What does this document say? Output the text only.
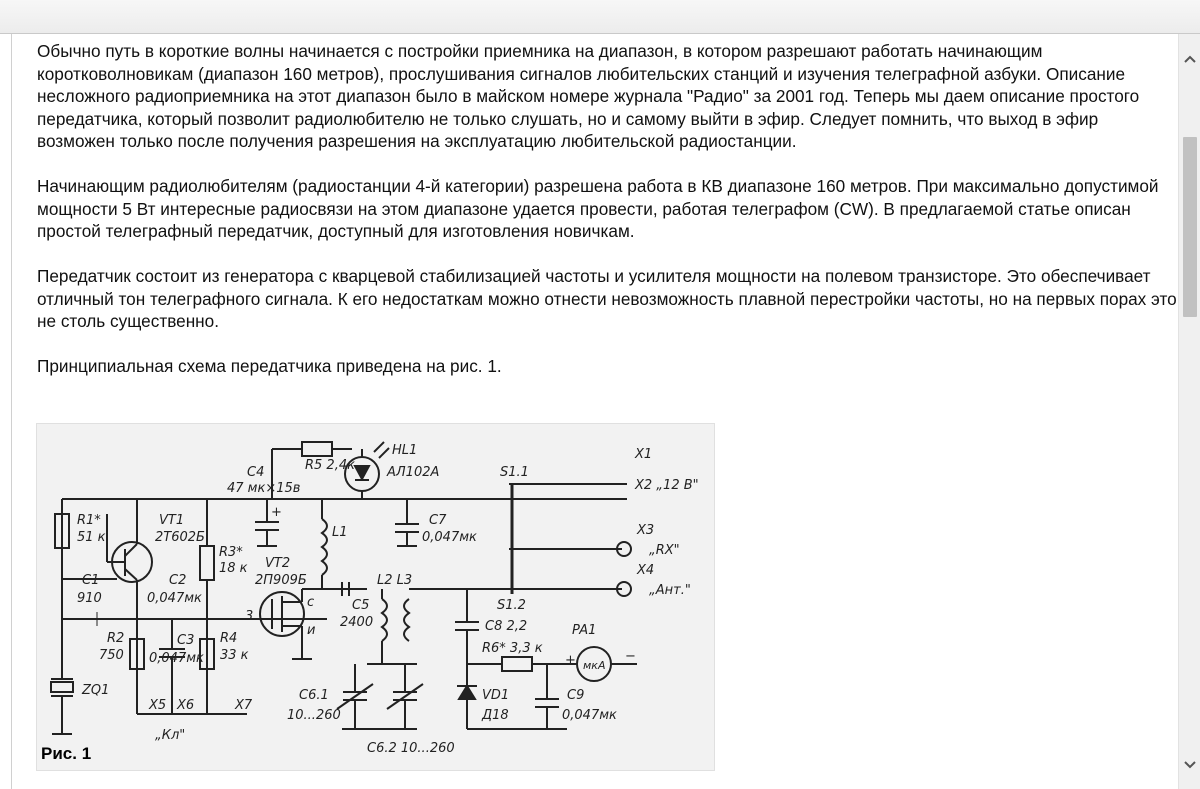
Обычно путь в короткие волны начинается с постройки приемника на диапазон, в котором разрешают работать начинающим коротковолновикам (диапазон 160 метров), прослушивания сигналов любительских станций и изучения телеграфной азбуки. Описание несложного радиоприемника на этот диапазон было в майском номере журнала "Радио" за 2001 год. Теперь мы даем описание простого передатчика, который позволит радиолюбителю не только слушать, но и самому выйти в эфир. Следует помнить, что выход в эфир возможен только после получения разрешения на эксплуатацию любительской радиостанции.

Начинающим радиолюбителям (радиостанции 4-й категории) разрешена работа в КВ диапазоне 160 метров. При максимально допустимой мощности 5 Вт интересные радиосвязи на этом диапазоне удается провести, работая телеграфом (CW). В предлагаемой статье описан простой телеграфный передатчик, доступный для изготовления новичкам.

Передатчик состоит из генератора с кварцевой стабилизацией частоты и усилителя мощности на полевом транзисторе. Это обеспечивает отличный тон телеграфного сигнала. К его недостаткам можно отнести невозможность плавной перестройки частоты, но на первых порах это не столь существенно.

Принципиальная схема передатчика приведена на рис. 1.

R5 2,4к
HL1
АЛ102А
C4
47 мк×15в
S1.1
X1
X2 „12 В"
R1*
51 к
VT1
2Т602Б	L1
C7
0,047мк	X3
„RX"
R3*
18 к VT2
2П909Б
C1
910
C2
0,047мк
L2 L3
X4
„Ант."
C5
2400
S1.2
C8 2,2	PA1
R2
750
C3
0,047мк
R4
33 к	R6* 3,3 к
мкА
ZQ1	C6.1
10...260
VD1
Д18
C9
0,047мк
X5 X6	X7
„Кл"
C6.2 10...260
3
с
и
+
+	−
Рис. 1
